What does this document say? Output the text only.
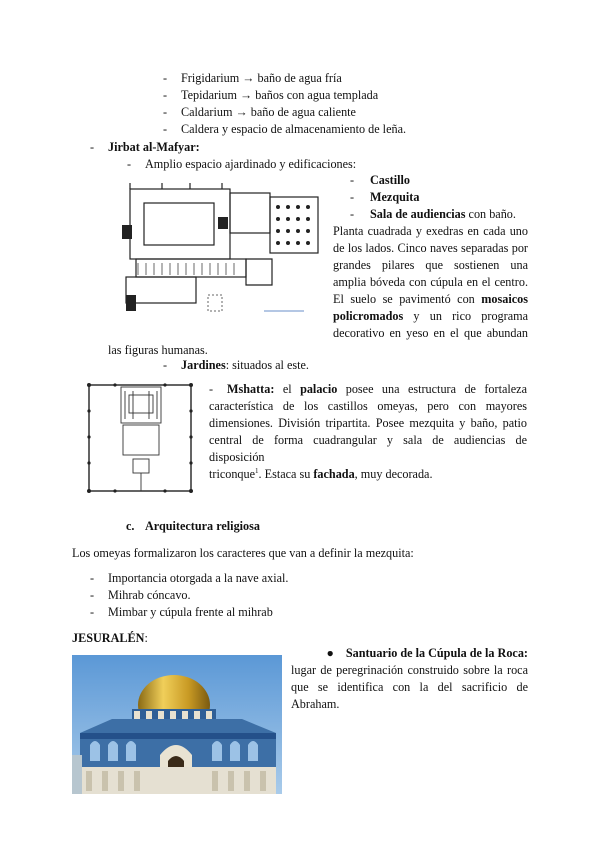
- Frigidarium → baño de agua fría
- Tepidarium → baños con agua templada
- Caldarium → baño de agua caliente
- Caldera y espacio de almacenamiento de leña.
- Jirbat al-Mafyar:
- Amplio espacio ajardinado y edificaciones:
- Castillo
- Mezquita
- Sala de audiencias con baño.
Planta cuadrada y exedras en cada uno
de los lados. Cinco naves separadas por
grandes pilares que sostienen una
amplia bóveda con cúpula en el centro.
El suelo se pavimentó con mosaicos
policromados y un rico programa
decorativo en yeso en el que abundan
las figuras humanas.
- Jardines: situados al este.
- Mshatta: el palacio posee una estructura de fortaleza
característica de los castillos omeyas, pero con mayores
dimensiones. División tripartita. Posee mezquita y baño, patio
central de forma cuadrangular y sala de audiencias de disposición
triconque$^1$. Estaca su fachada, muy decorada.
c. Arquitectura religiosa
Los omeyas formalizaron los caracteres que van a definir la mezquita:
- Importancia otorgada a la nave axial.
- Mihrab cóncavo.
- Mimbar y cúpula frente al mihrab
JESURALÉN:
● Santuario de la Cúpula de la Roca:
lugar de peregrinación construido sobre la roca
que se identifica con la del sacrificio de
Abraham.
